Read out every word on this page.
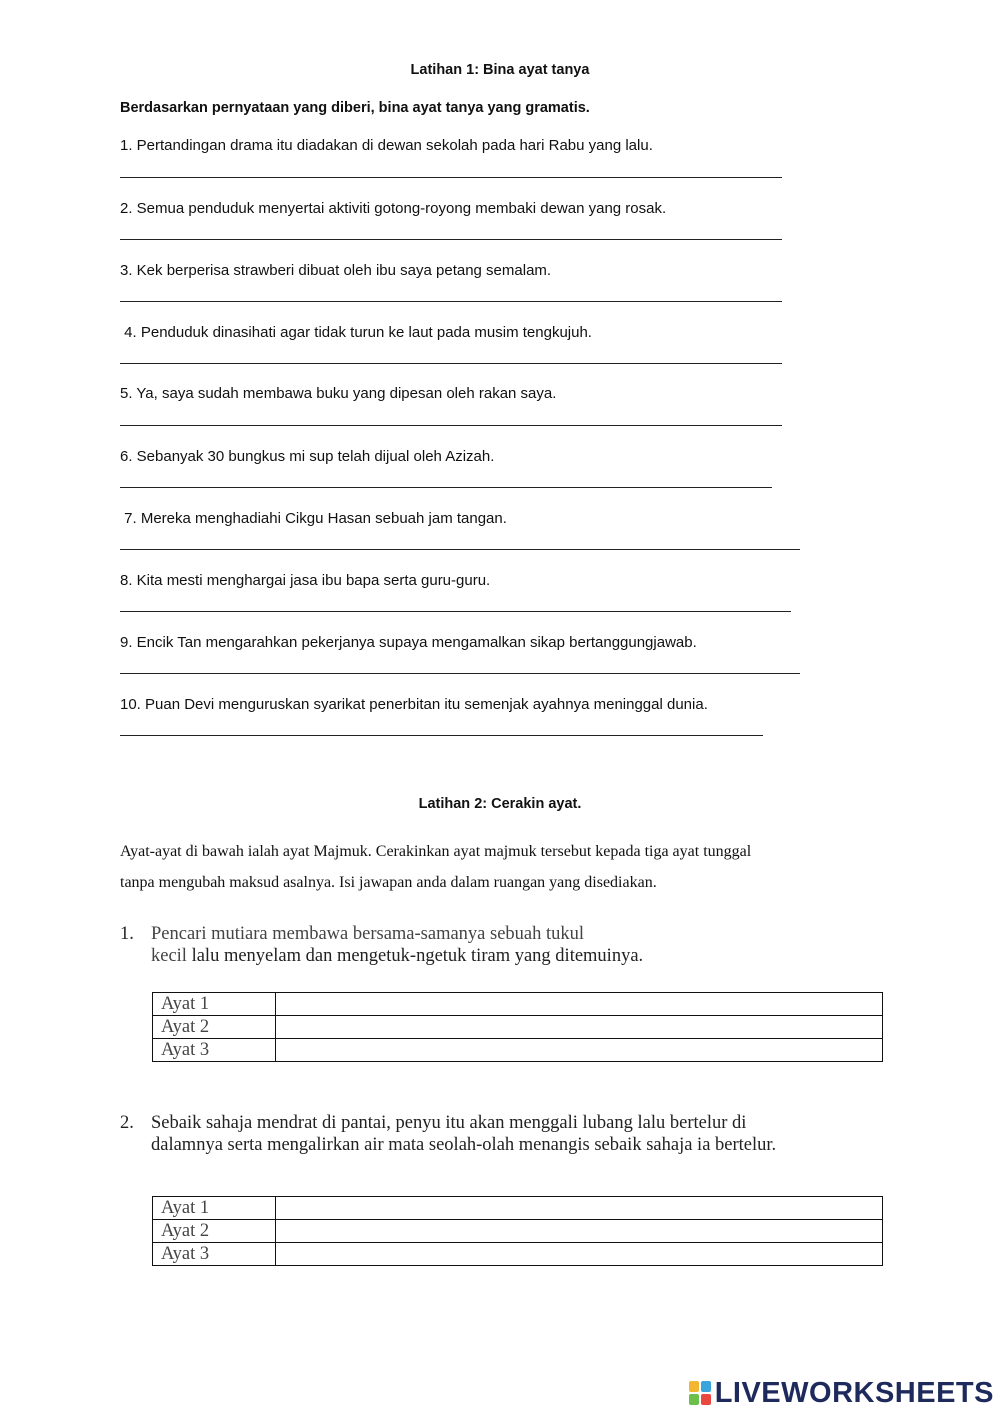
Latihan 1: Bina ayat tanya
Berdasarkan pernyataan yang diberi, bina ayat tanya yang gramatis.
1. Pertandingan drama itu diadakan di dewan sekolah pada hari Rabu yang lalu.
2. Semua penduduk menyertai aktiviti gotong-royong membaki dewan yang rosak.
3. Kek berperisa strawberi dibuat oleh ibu saya petang semalam.
4. Penduduk dinasihati agar tidak turun ke laut pada musim tengkujuh.
5. Ya, saya sudah membawa buku yang dipesan oleh rakan saya.
6. Sebanyak 30 bungkus mi sup telah dijual oleh Azizah.
7. Mereka menghadiahi Cikgu Hasan sebuah jam tangan.
8. Kita mesti menghargai jasa ibu bapa serta guru-guru.
9. Encik Tan mengarahkan pekerjanya supaya mengamalkan sikap bertanggungjawab.
10. Puan Devi menguruskan syarikat penerbitan itu semenjak ayahnya meninggal dunia.
Latihan 2: Cerakin ayat.
Ayat-ayat di bawah ialah ayat Majmuk. Cerakinkan ayat majmuk tersebut kepada tiga ayat tunggal
tanpa mengubah maksud asalnya. Isi jawapan anda dalam ruangan yang disediakan.
1. Pencari mutiara membawa bersama-samanya sebuah tukul
kecil lalu menyelam dan mengetuk-ngetuk tiram yang ditemuinya.
Ayat 1	
Ayat 2	
Ayat 3	
2. Sebaik sahaja mendrat di pantai, penyu itu akan menggali lubang lalu bertelur di
dalamnya serta mengalirkan air mata seolah-olah menangis sebaik sahaja ia bertelur.
Ayat 1	
Ayat 2	
Ayat 3	
LIVEWORKSHEETS
